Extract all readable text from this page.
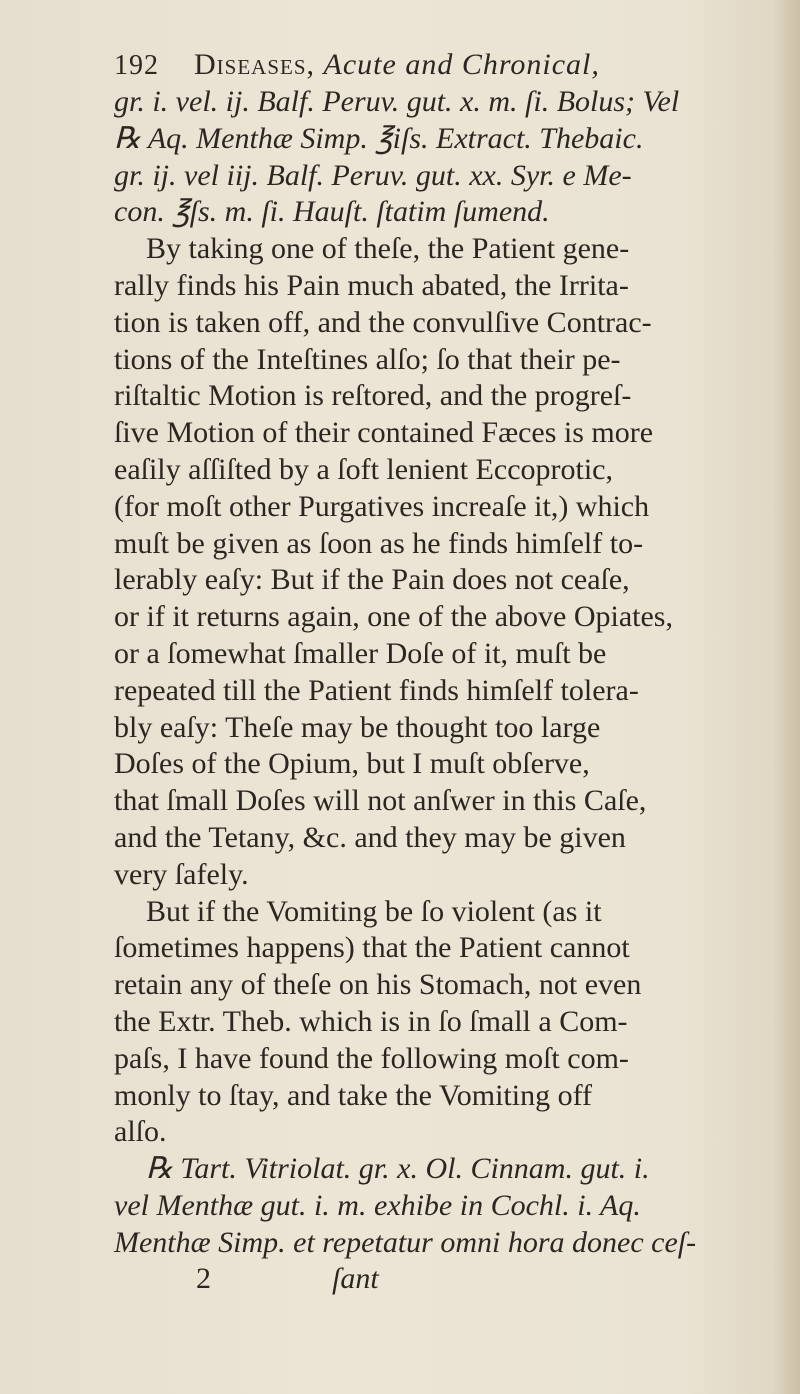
192 Diseases, Acute and Chronical,
gr. i. vel. ij. Balf. Peruv. gut. x. m. ſi. Bolus; Vel
℞ Aq. Menthæ Simp. ℥iſs. Extract. Thebaic.
gr. ij. vel iij. Balf. Peruv. gut. xx. Syr. e Me-
con. ℥ſs. m. ſi. Hauſt. ſtatim ſumend.
By taking one of theſe, the Patient gene-
rally finds his Pain much abated, the Irrita-
tion is taken off, and the convulſive Contrac-
tions of the Inteſtines alſo; ſo that their pe-
riſtaltic Motion is reſtored, and the progreſ-
ſive Motion of their contained Fæces is more
eaſily aſſiſted by a ſoft lenient Eccoprotic,
(for moſt other Purgatives increaſe it,) which
muſt be given as ſoon as he finds himſelf to-
lerably eaſy: But if the Pain does not ceaſe,
or if it returns again, one of the above Opiates,
or a ſomewhat ſmaller Doſe of it, muſt be
repeated till the Patient finds himſelf tolera-
bly eaſy: Theſe may be thought too large
Doſes of the Opium, but I muſt obſerve,
that ſmall Doſes will not anſwer in this Caſe,
and the Tetany, &c. and they may be given
very ſafely.
But if the Vomiting be ſo violent (as it
ſometimes happens) that the Patient cannot
retain any of theſe on his Stomach, not even
the Extr. Theb. which is in ſo ſmall a Com-
paſs, I have found the following moſt com-
monly to ſtay, and take the Vomiting off
alſo.
℞ Tart. Vitriolat. gr. x. Ol. Cinnam. gut. i.
vel Menthæ gut. i. m. exhibe in Cochl. i. Aq.
Menthæ Simp. et repetatur omni hora donec ceſ-
2	ſant
